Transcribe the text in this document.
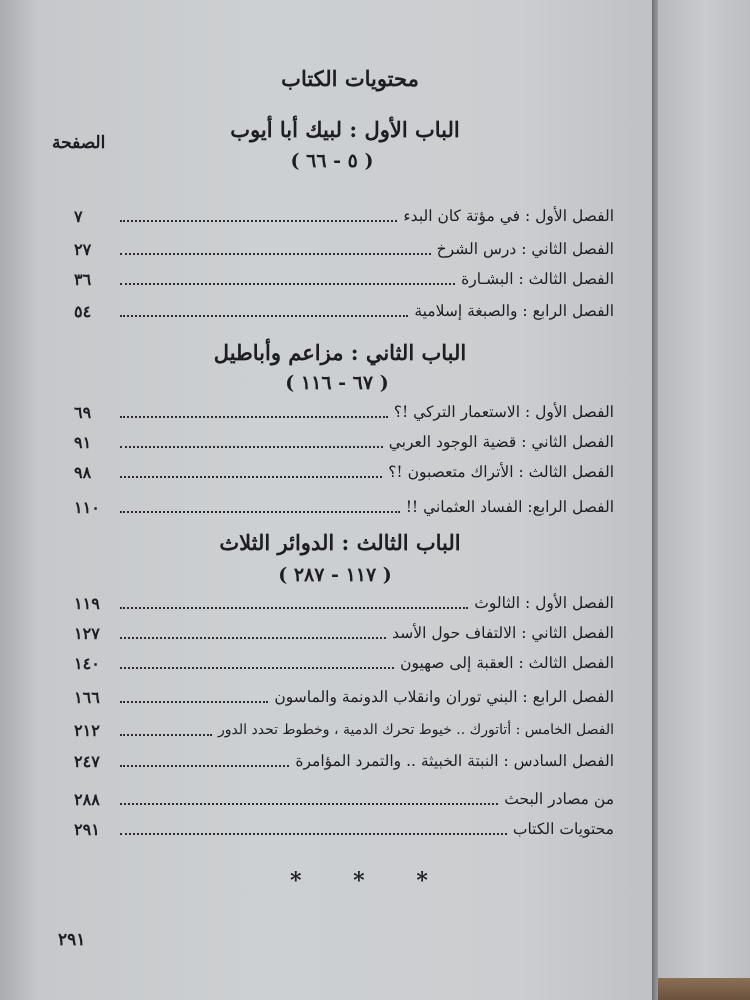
محتويات الكتاب
الصفحة
الباب الأول : لبيك أبا أيوب
( ٥ - ٦٦ )
الفصل الأول : في مؤتة كان البدء
٧
الفصل الثاني : درس الشرخ
٢٧
الفصل الثالث : البشـارة
٣٦
الفصل الرابع : والصبغة إسلامية
٥٤
الباب الثاني : مزاعم وأباطيل
( ٦٧ - ١١٦ )
الفصل الأول : الاستعمار التركي !؟
٦٩
الفصل الثاني : قضية الوجود العربي
٩١
الفصل الثالث : الأتراك متعصبون !؟
٩٨
الفصل الرابع: الفساد العثماني !!
١١٠
الباب الثالث : الدوائر الثلاث
( ١١٧ - ٢٨٧ )
الفصل الأول : الثالوث
١١٩
الفصل الثاني : الالتفاف حول الأسد
١٢٧
الفصل الثالث : العقبة إلى صهيون
١٤٠
الفصل الرابع : البني توران وانقلاب الدونمة والماسون
١٦٦
الفصل الخامس : أتاتورك .. خيوط تحرك الدمية ، وخطوط تحدد الدور
٢١٢
الفصل السادس : النبتة الخبيثة .. والتمرد المؤامرة
٢٤٧
من مصادر البحث
٢٨٨
محتويات الكتاب
٢٩١
* * *
٢٩١
